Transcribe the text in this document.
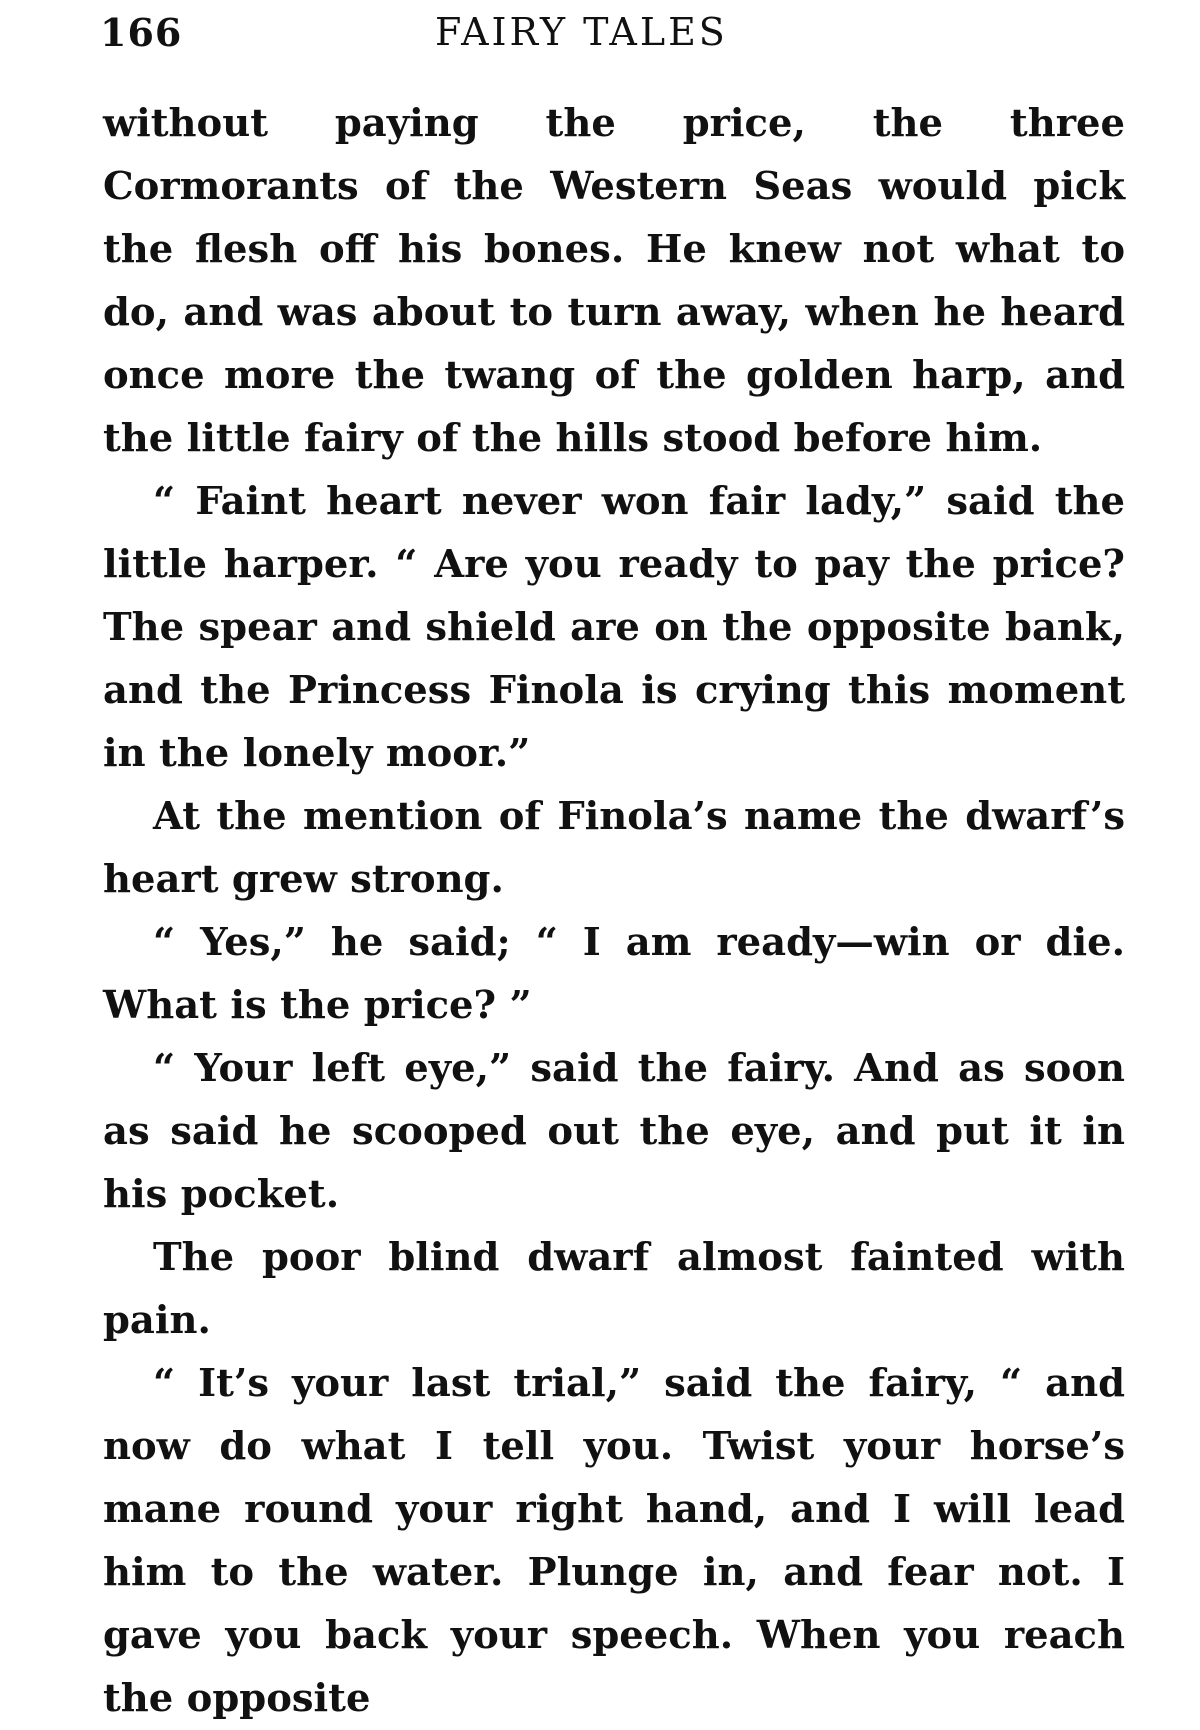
166	FAIRY TALES

without paying the price, the three Cormorants of the Western Seas would pick the flesh off his bones. He knew not what to do, and was about to turn away, when he heard once more the twang of the golden harp, and the little fairy of the hills stood before him.

“ Faint heart never won fair lady,” said the little harper. “ Are you ready to pay the price? The spear and shield are on the opposite bank, and the Princess Finola is crying this moment in the lonely moor.”

At the mention of Finola’s name the dwarf’s heart grew strong.

“ Yes,” he said; “ I am ready—win or die. What is the price? ”

“ Your left eye,” said the fairy. And as soon as said he scooped out the eye, and put it in his pocket.

The poor blind dwarf almost fainted with pain.

“ It’s your last trial,” said the fairy, “ and now do what I tell you. Twist your horse’s mane round your right hand, and I will lead him to the water. Plunge in, and fear not. I gave you back your speech. When you reach the opposite
